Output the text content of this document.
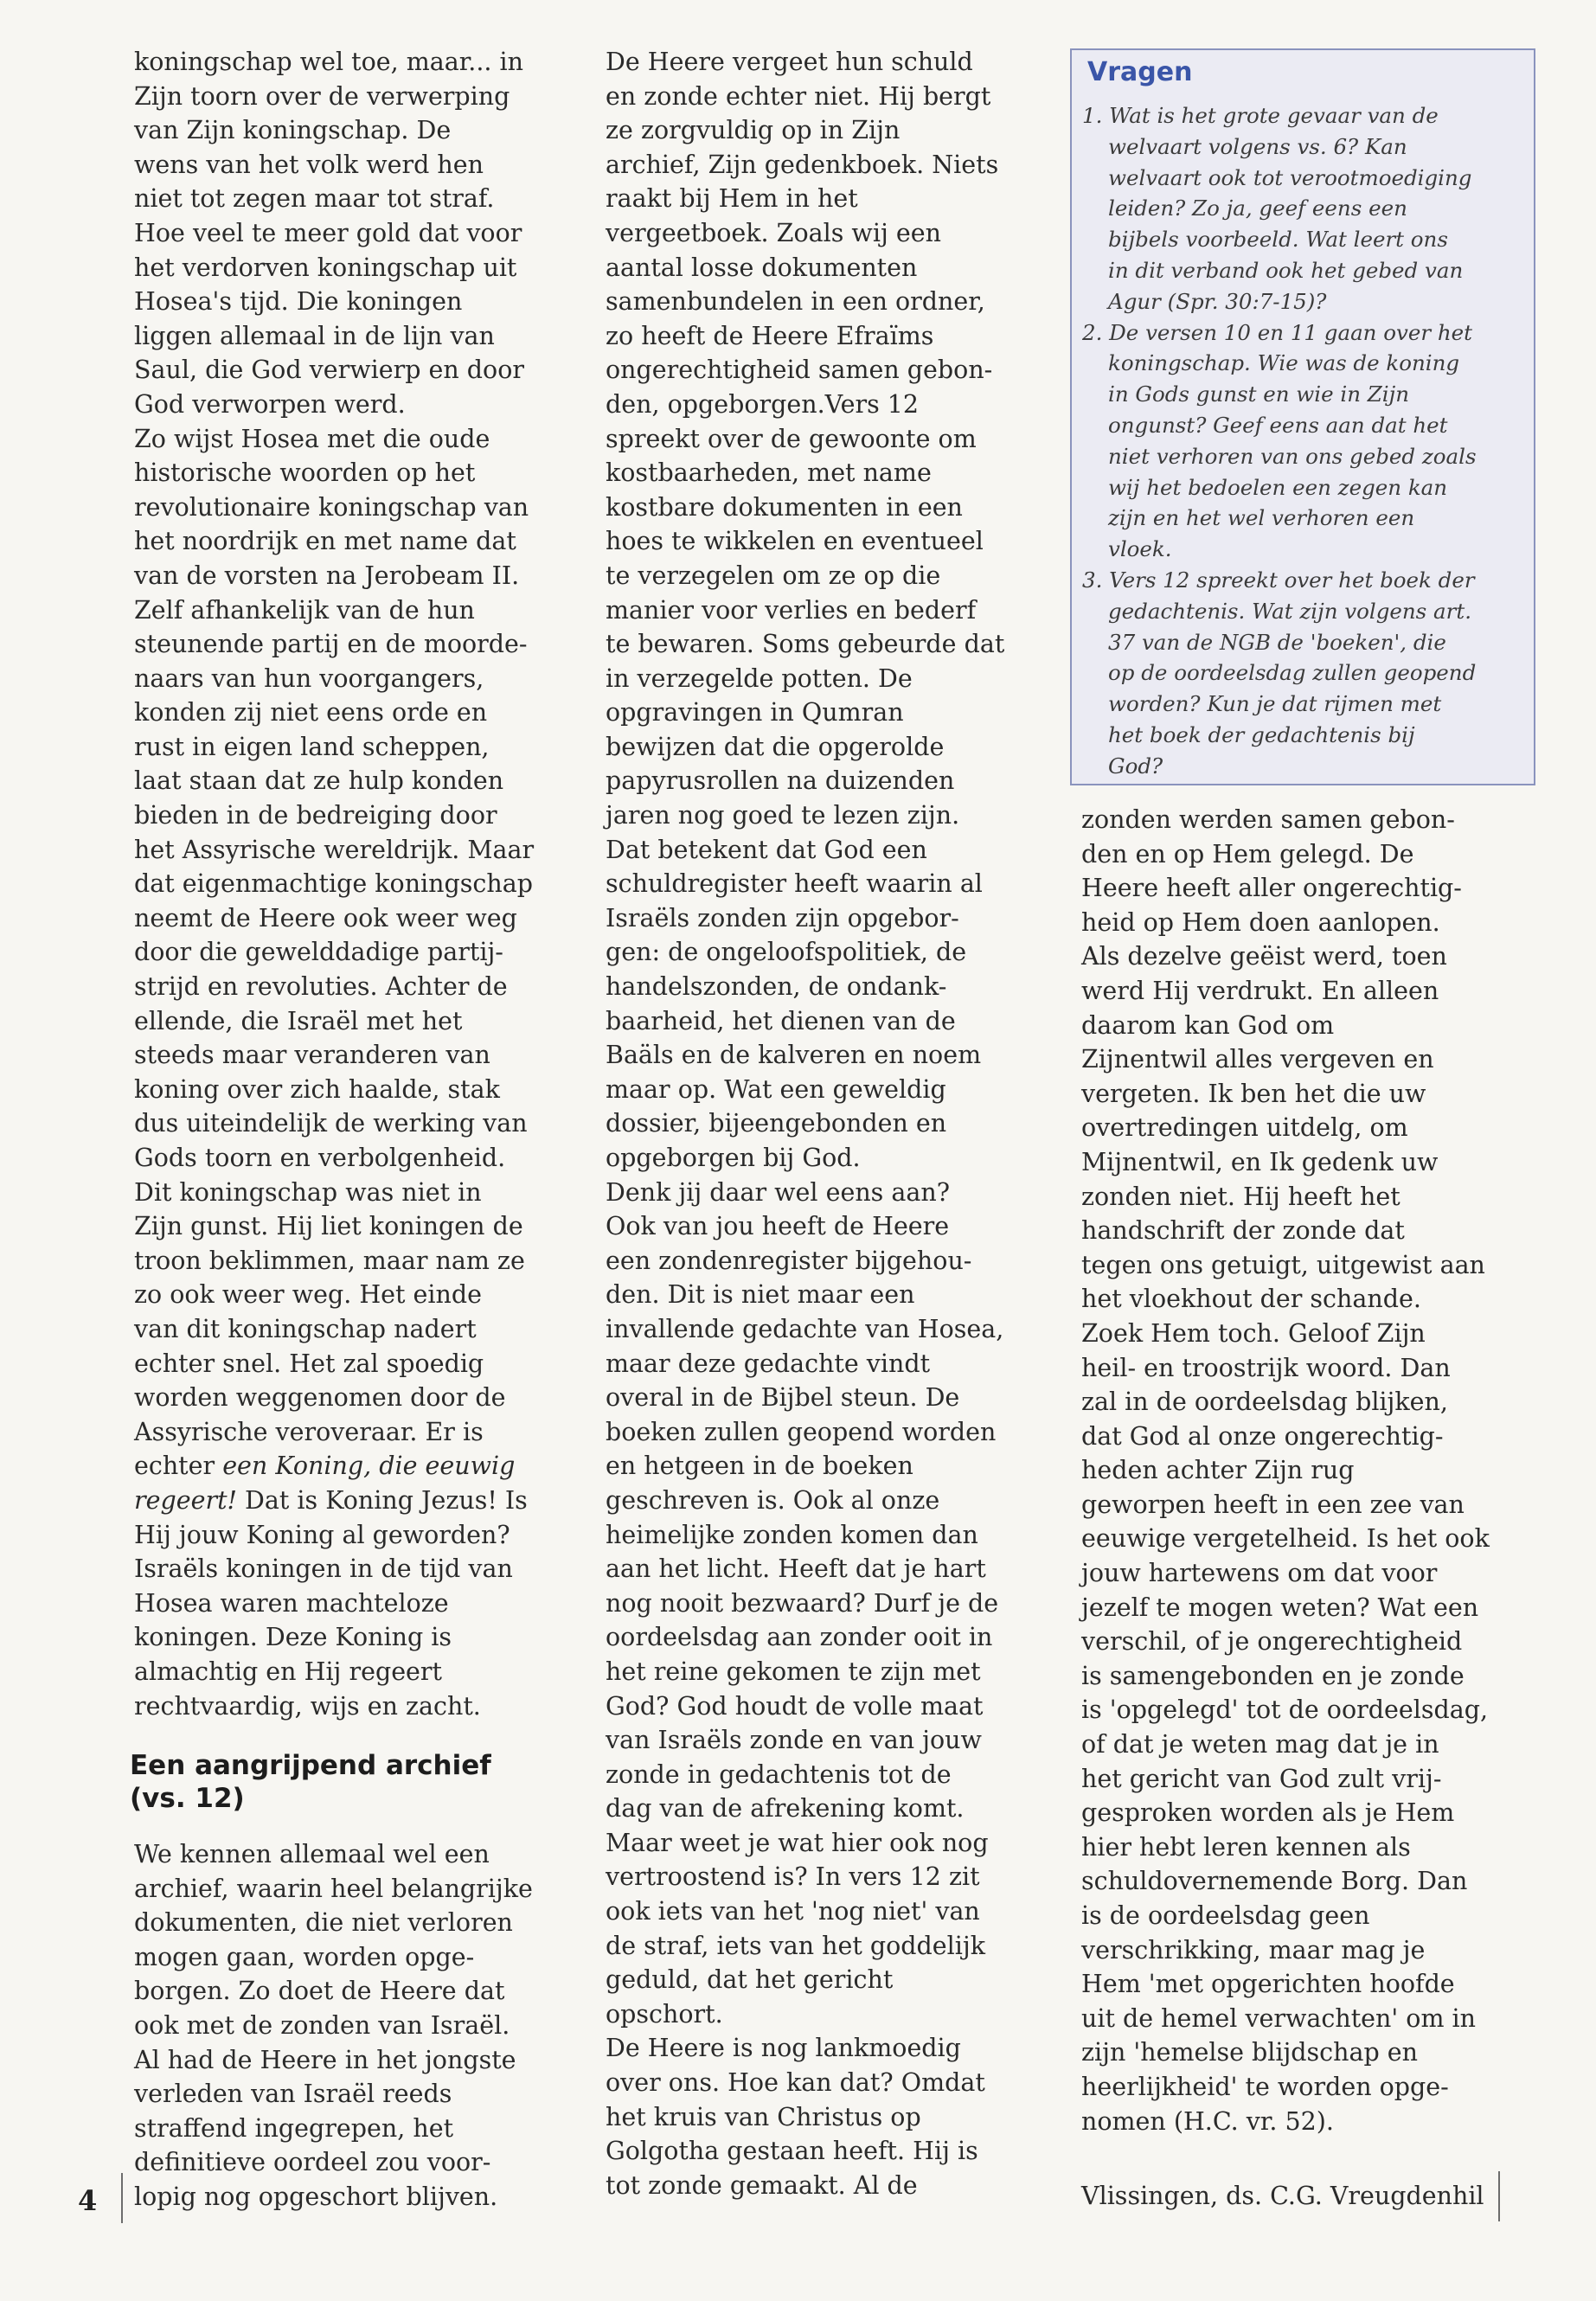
koningschap wel toe, maar... in
Zijn toorn over de verwerping
van Zijn koningschap. De
wens van het volk werd hen
niet tot zegen maar tot straf.
Hoe veel te meer gold dat voor
het verdorven koningschap uit
Hosea's tijd. Die koningen
liggen allemaal in de lijn van
Saul, die God verwierp en door
God verworpen werd.
Zo wijst Hosea met die oude
historische woorden op het
revolutionaire koningschap van
het noordrijk en met name dat
van de vorsten na Jerobeam II.
Zelf afhankelijk van de hun
steunende partij en de moorde-
naars van hun voorgangers,
konden zij niet eens orde en
rust in eigen land scheppen,
laat staan dat ze hulp konden
bieden in de bedreiging door
het Assyrische wereldrijk. Maar
dat eigenmachtige koningschap
neemt de Heere ook weer weg
door die gewelddadige partij-
strijd en revoluties. Achter de
ellende, die Israël met het
steeds maar veranderen van
koning over zich haalde, stak
dus uiteindelijk de werking van
Gods toorn en verbolgenheid.
Dit koningschap was niet in
Zijn gunst. Hij liet koningen de
troon beklimmen, maar nam ze
zo ook weer weg. Het einde
van dit koningschap nadert
echter snel. Het zal spoedig
worden weggenomen door de
Assyrische veroveraar. Er is
echter een Koning, die eeuwig
regeert! Dat is Koning Jezus! Is
Hij jouw Koning al geworden?
Israëls koningen in de tijd van
Hosea waren machteloze
koningen. Deze Koning is
almachtig en Hij regeert
rechtvaardig, wijs en zacht.
Een aangrijpend archief
(vs. 12)
We kennen allemaal wel een
archief, waarin heel belangrijke
dokumenten, die niet verloren
mogen gaan, worden opge-
borgen. Zo doet de Heere dat
ook met de zonden van Israël.
Al had de Heere in het jongste
verleden van Israël reeds
straffend ingegrepen, het
definitieve oordeel zou voor-
lopig nog opgeschort blijven.
4
De Heere vergeet hun schuld
en zonde echter niet. Hij bergt
ze zorgvuldig op in Zijn
archief, Zijn gedenkboek. Niets
raakt bij Hem in het
vergeetboek. Zoals wij een
aantal losse dokumenten
samenbundelen in een ordner,
zo heeft de Heere Efraïms
ongerechtigheid samen gebon-
den, opgeborgen.Vers 12
spreekt over de gewoonte om
kostbaarheden, met name
kostbare dokumenten in een
hoes te wikkelen en eventueel
te verzegelen om ze op die
manier voor verlies en bederf
te bewaren. Soms gebeurde dat
in verzegelde potten. De
opgravingen in Qumran
bewijzen dat die opgerolde
papyrusrollen na duizenden
jaren nog goed te lezen zijn.
Dat betekent dat God een
schuldregister heeft waarin al
Israëls zonden zijn opgebor-
gen: de ongeloofspolitiek, de
handelszonden, de ondank-
baarheid, het dienen van de
Baäls en de kalveren en noem
maar op. Wat een geweldig
dossier, bijeengebonden en
opgeborgen bij God.
Denk jij daar wel eens aan?
Ook van jou heeft de Heere
een zondenregister bijgehou-
den. Dit is niet maar een
invallende gedachte van Hosea,
maar deze gedachte vindt
overal in de Bijbel steun. De
boeken zullen geopend worden
en hetgeen in de boeken
geschreven is. Ook al onze
heimelijke zonden komen dan
aan het licht. Heeft dat je hart
nog nooit bezwaard? Durf je de
oordeelsdag aan zonder ooit in
het reine gekomen te zijn met
God? God houdt de volle maat
van Israëls zonde en van jouw
zonde in gedachtenis tot de
dag van de afrekening komt.
Maar weet je wat hier ook nog
vertroostend is? In vers 12 zit
ook iets van het 'nog niet' van
de straf, iets van het goddelijk
geduld, dat het gericht
opschort.
De Heere is nog lankmoedig
over ons. Hoe kan dat? Omdat
het kruis van Christus op
Golgotha gestaan heeft. Hij is
tot zonde gemaakt. Al de
Vragen
1. Wat is het grote gevaar van de
welvaart volgens vs. 6? Kan
welvaart ook tot verootmoediging
leiden? Zo ja, geef eens een
bijbels voorbeeld. Wat leert ons
in dit verband ook het gebed van
Agur (Spr. 30:7-15)?
2. De versen 10 en 11 gaan over het
koningschap. Wie was de koning
in Gods gunst en wie in Zijn
ongunst? Geef eens aan dat het
niet verhoren van ons gebed zoals
wij het bedoelen een zegen kan
zijn en het wel verhoren een
vloek.
3. Vers 12 spreekt over het boek der
gedachtenis. Wat zijn volgens art.
37 van de NGB de 'boeken', die
op de oordeelsdag zullen geopend
worden? Kun je dat rijmen met
het boek der gedachtenis bij
God?
zonden werden samen gebon-
den en op Hem gelegd. De
Heere heeft aller ongerechtig-
heid op Hem doen aanlopen.
Als dezelve geëist werd, toen
werd Hij verdrukt. En alleen
daarom kan God om
Zijnentwil alles vergeven en
vergeten. Ik ben het die uw
overtredingen uitdelg, om
Mijnentwil, en Ik gedenk uw
zonden niet. Hij heeft het
handschrift der zonde dat
tegen ons getuigt, uitgewist aan
het vloekhout der schande.
Zoek Hem toch. Geloof Zijn
heil- en troostrijk woord. Dan
zal in de oordeelsdag blijken,
dat God al onze ongerechtig-
heden achter Zijn rug
geworpen heeft in een zee van
eeuwige vergetelheid. Is het ook
jouw hartewens om dat voor
jezelf te mogen weten? Wat een
verschil, of je ongerechtigheid
is samengebonden en je zonde
is 'opgelegd' tot de oordeelsdag,
of dat je weten mag dat je in
het gericht van God zult vrij-
gesproken worden als je Hem
hier hebt leren kennen als
schuldovernemende Borg. Dan
is de oordeelsdag geen
verschrikking, maar mag je
Hem 'met opgerichten hoofde
uit de hemel verwachten' om in
zijn 'hemelse blijdschap en
heerlijkheid' te worden opge-
nomen (H.C. vr. 52).
Vlissingen, ds. C.G. Vreugdenhil
